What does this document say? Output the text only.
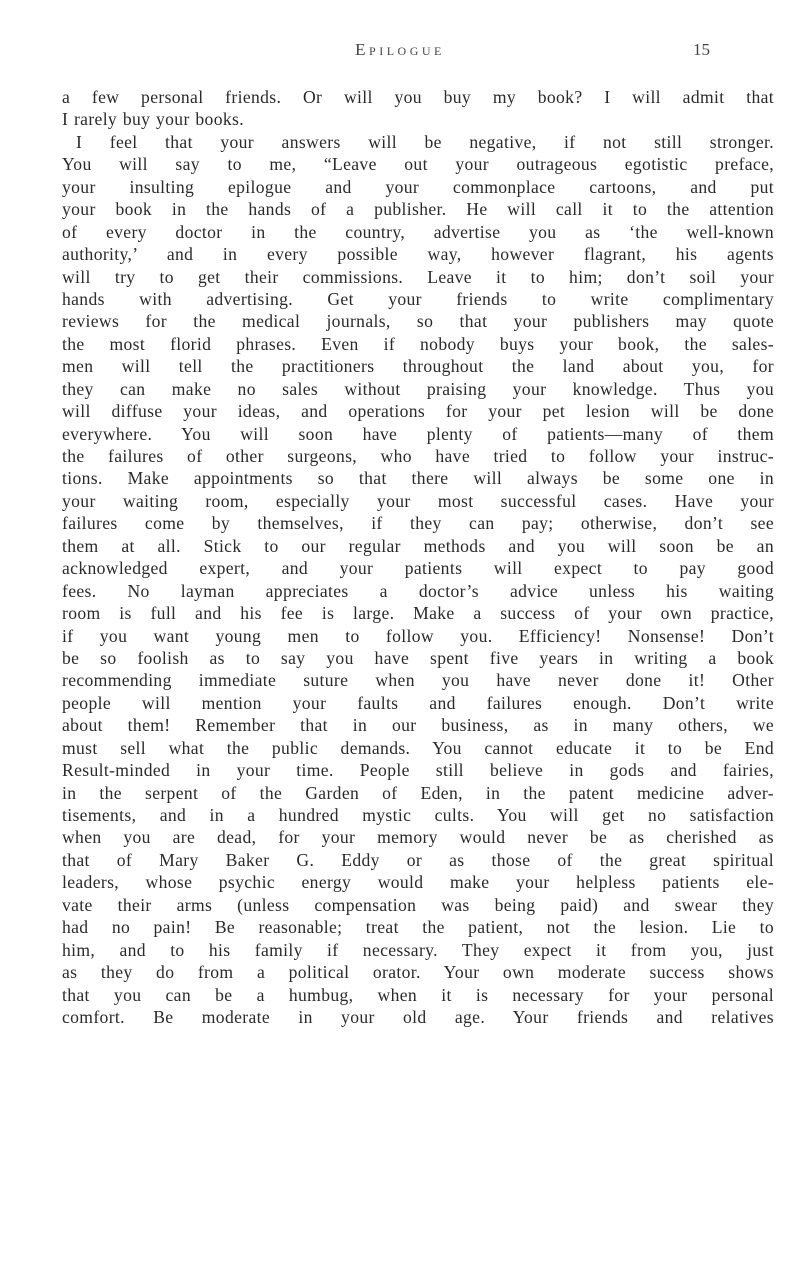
Epilogue	15
a few personal friends. Or will you buy my book? I will admit that
I rarely buy your books.
I feel that your answers will be negative, if not still stronger.
You will say to me, “Leave out your outrageous egotistic preface,
your insulting epilogue and your commonplace cartoons, and put
your book in the hands of a publisher. He will call it to the attention
of every doctor in the country, advertise you as ‘the well-known
authority,’ and in every possible way, however flagrant, his agents
will try to get their commissions. Leave it to him; don’t soil your
hands with advertising. Get your friends to write complimentary
reviews for the medical journals, so that your publishers may quote
the most florid phrases. Even if nobody buys your book, the sales-
men will tell the practitioners throughout the land about you, for
they can make no sales without praising your knowledge. Thus you
will diffuse your ideas, and operations for your pet lesion will be done
everywhere. You will soon have plenty of patients—many of them
the failures of other surgeons, who have tried to follow your instruc-
tions. Make appointments so that there will always be some one in
your waiting room, especially your most successful cases. Have your
failures come by themselves, if they can pay; otherwise, don’t see
them at all. Stick to our regular methods and you will soon be an
acknowledged expert, and your patients will expect to pay good
fees. No layman appreciates a doctor’s advice unless his waiting
room is full and his fee is large. Make a success of your own practice,
if you want young men to follow you. Efficiency! Nonsense! Don’t
be so foolish as to say you have spent five years in writing a book
recommending immediate suture when you have never done it! Other
people will mention your faults and failures enough. Don’t write
about them! Remember that in our business, as in many others, we
must sell what the public demands. You cannot educate it to be End
Result-minded in your time. People still believe in gods and fairies,
in the serpent of the Garden of Eden, in the patent medicine adver-
tisements, and in a hundred mystic cults. You will get no satisfaction
when you are dead, for your memory would never be as cherished as
that of Mary Baker G. Eddy or as those of the great spiritual
leaders, whose psychic energy would make your helpless patients ele-
vate their arms (unless compensation was being paid) and swear they
had no pain! Be reasonable; treat the patient, not the lesion. Lie to
him, and to his family if necessary. They expect it from you, just
as they do from a political orator. Your own moderate success shows
that you can be a humbug, when it is necessary for your personal
comfort. Be moderate in your old age. Your friends and relatives
